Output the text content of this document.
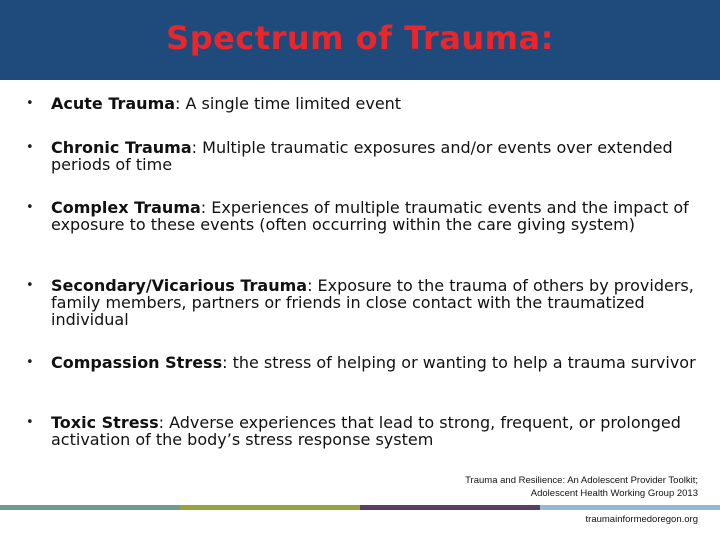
Spectrum of Trauma:
•	Acute Trauma: A single time limited event
•	Chronic Trauma: Multiple traumatic exposures and/or events over extended periods of time
•	Complex Trauma: Experiences of multiple traumatic events and the impact of exposure to these events (often occurring within the care giving system)
•	Secondary/Vicarious Trauma: Exposure to the trauma of others by providers, family members, partners or friends in close contact with the traumatized individual
•	Compassion Stress: the stress of helping or wanting to help a trauma survivor
•	Toxic Stress: Adverse experiences that lead to strong, frequent, or prolonged activation of the body’s stress response system
Trauma and Resilience: An Adolescent Provider Toolkit;
Adolescent Health Working Group 2013
traumainformedoregon.org
